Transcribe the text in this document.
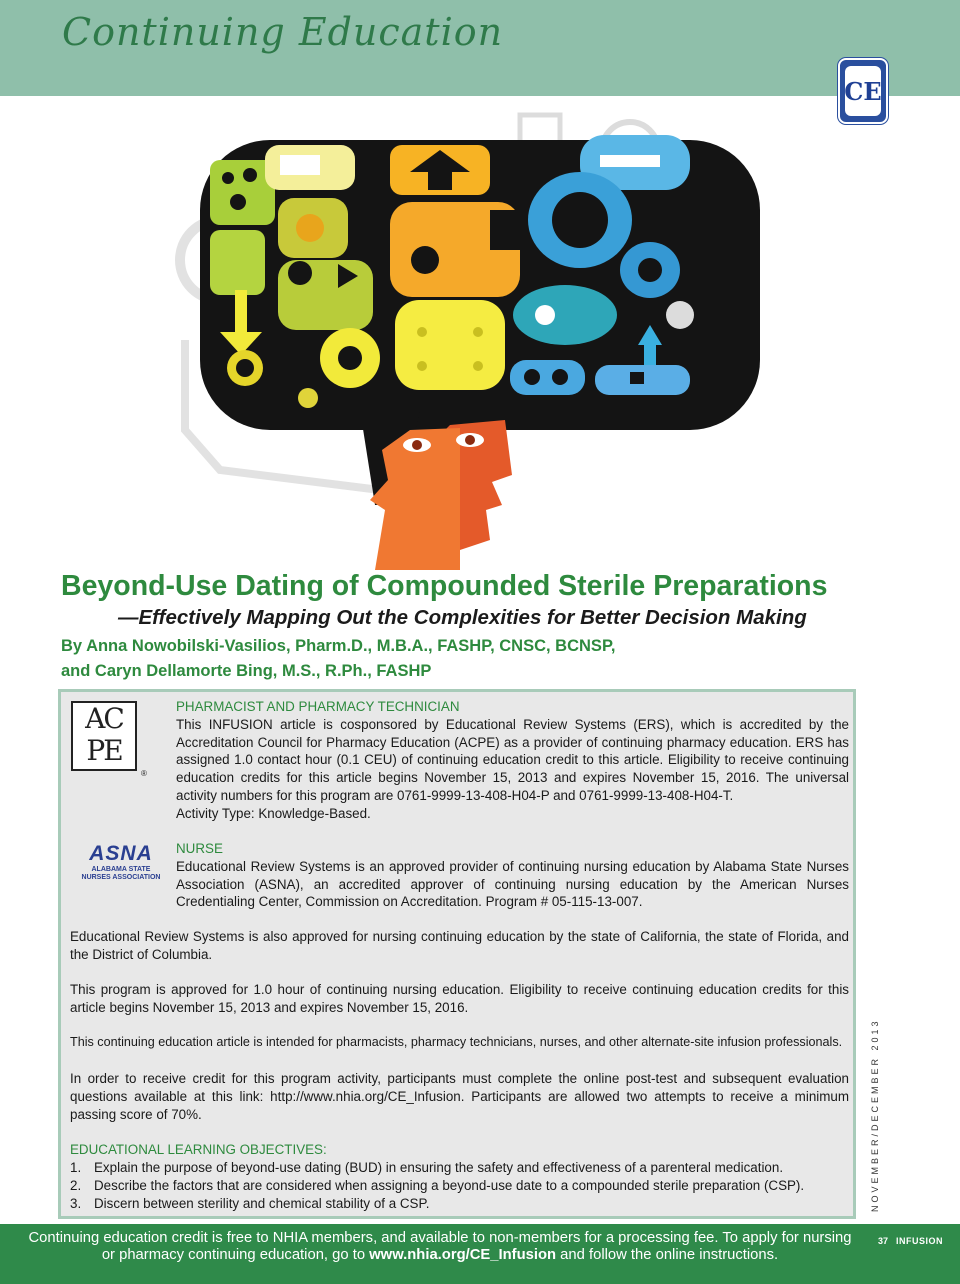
Continuing Education
CE
Beyond-Use Dating of Compounded Sterile Preparations
—Effectively Mapping Out the Complexities for Better Decision Making
By Anna Nowobilski-Vasilios, Pharm.D., M.B.A., FASHP, CNSC, BCNSP,
and Caryn Dellamorte Bing, M.S., R.Ph., FASHP
AC
PE
®

PHARMACIST AND PHARMACY TECHNICIAN

This INFUSION article is cosponsored by Educational Review Systems (ERS), which is accredited by the Accreditation Council for Pharmacy Education (ACPE) as a provider of continuing pharmacy education. ERS has assigned 1.0 contact hour (0.1 CEU) of continuing education credit to this article. Eligibility to receive continuing education credits for this article begins November 15, 2013 and expires November 15, 2016. The universal activity numbers for this program are 0761-9999-13-408-H04-P and 0761-9999-13-408-H04-T.

Activity Type: Knowledge-Based.

ASNA
ALABAMA STATE
NURSES ASSOCIATION

NURSE

Educational Review Systems is an approved provider of continuing nursing education by Alabama State Nurses Association (ASNA), an accredited approver of continuing nursing education by the American Nurses Credentialing Center, Commission on Accreditation. Program # 05-115-13-007.

Educational Review Systems is also approved for nursing continuing education by the state of California, the state of Florida, and the District of Columbia.

This program is approved for 1.0 hour of continuing nursing education. Eligibility to receive continuing education credits for this article begins November 15, 2013 and expires November 15, 2016.

This continuing education article is intended for pharmacists, pharmacy technicians, nurses, and other alternate-site infusion professionals.

In order to receive credit for this program activity, participants must complete the online post-test and subsequent evaluation questions available at this link: http://www.nhia.org/CE_Infusion. Participants are allowed two attempts to receive a minimum passing score of 70%.

EDUCATIONAL LEARNING OBJECTIVES:

1. Explain the purpose of beyond-use dating (BUD) in ensuring the safety and effectiveness of a parenteral medication.
2. Describe the factors that are considered when assigning a beyond-use date to a compounded sterile preparation (CSP).
3. Discern between sterility and chemical stability of a CSP.	NOVEMBER/DECEMBER 2013
Continuing education credit is free to NHIA members, and available to non-members for a processing fee. To apply for nursing or pharmacy continuing education, go to www.nhia.org/CE_Infusion and follow the online instructions.
37 INFUSION
